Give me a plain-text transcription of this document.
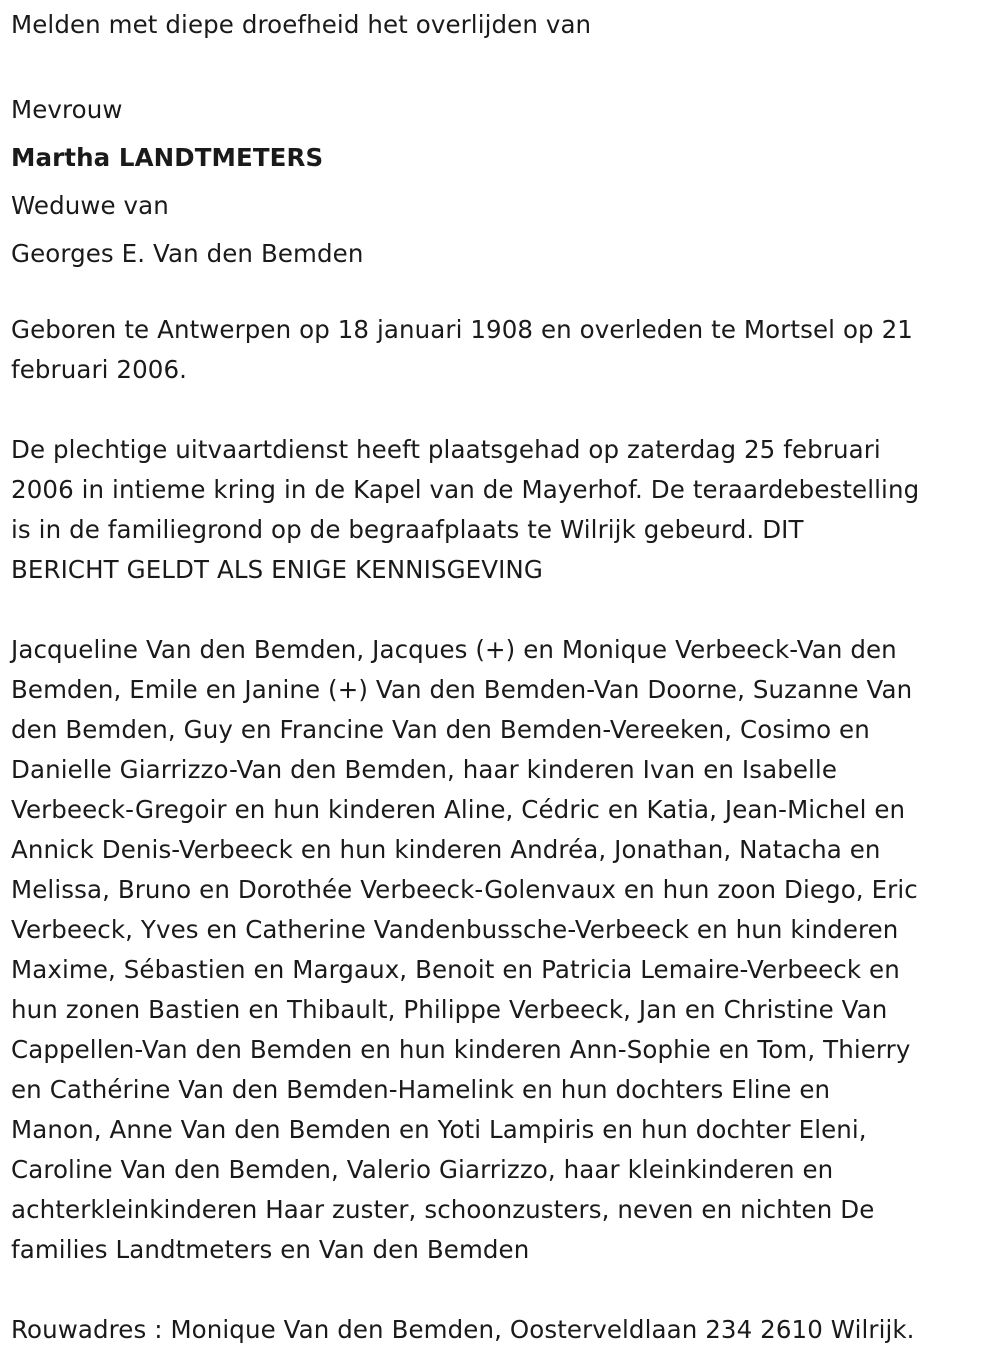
Melden met diepe droefheid het overlijden van
Mevrouw
Martha LANDTMETERS
Weduwe van
Georges E. Van den Bemden
Geboren te Antwerpen op 18 januari 1908 en overleden te Mortsel op 21
februari 2006.
De plechtige uitvaartdienst heeft plaatsgehad op zaterdag 25 februari
2006 in intieme kring in de Kapel van de Mayerhof. De teraardebestelling
is in de familiegrond op de begraafplaats te Wilrijk gebeurd. DIT
BERICHT GELDT ALS ENIGE KENNISGEVING
Jacqueline Van den Bemden, Jacques (+) en Monique Verbeeck-Van den
Bemden, Emile en Janine (+) Van den Bemden-Van Doorne, Suzanne Van
den Bemden, Guy en Francine Van den Bemden-Vereeken, Cosimo en
Danielle Giarrizzo-Van den Bemden, haar kinderen Ivan en Isabelle
Verbeeck-Gregoir en hun kinderen Aline, Cédric en Katia, Jean-Michel en
Annick Denis-Verbeeck en hun kinderen Andréa, Jonathan, Natacha en
Melissa, Bruno en Dorothée Verbeeck-Golenvaux en hun zoon Diego, Eric
Verbeeck, Yves en Catherine Vandenbussche-Verbeeck en hun kinderen
Maxime, Sébastien en Margaux, Benoit en Patricia Lemaire-Verbeeck en
hun zonen Bastien en Thibault, Philippe Verbeeck, Jan en Christine Van
Cappellen-Van den Bemden en hun kinderen Ann-Sophie en Tom, Thierry
en Cathérine Van den Bemden-Hamelink en hun dochters Eline en
Manon, Anne Van den Bemden en Yoti Lampiris en hun dochter Eleni,
Caroline Van den Bemden, Valerio Giarrizzo, haar kleinkinderen en
achterkleinkinderen Haar zuster, schoonzusters, neven en nichten De
families Landtmeters en Van den Bemden
Rouwadres : Monique Van den Bemden, Oosterveldlaan 234 2610 Wilrijk.
